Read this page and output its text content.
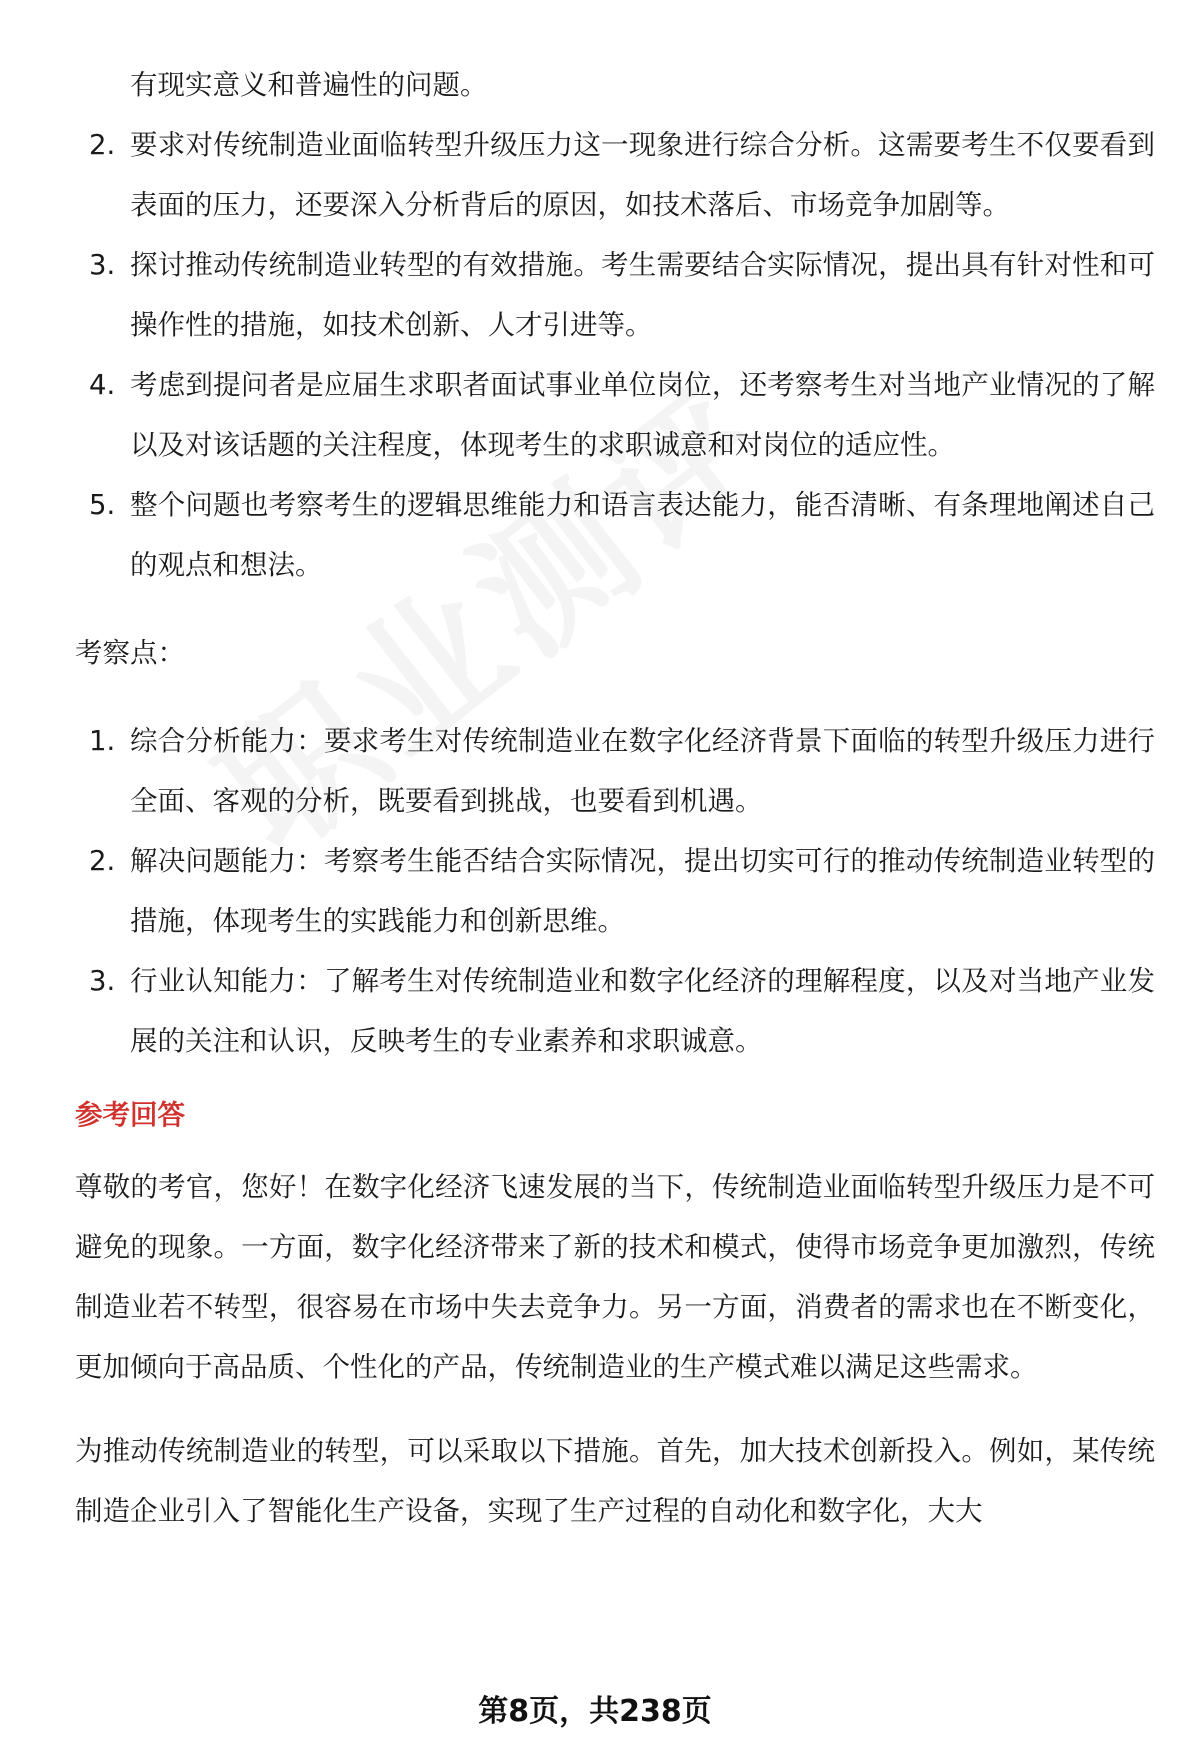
有现实意义和普遍性的问题。
2. 要求对传统制造业面临转型升级压力这一现象进行综合分析。这需要考生不仅要看到表面的压力，还要深入分析背后的原因，如技术落后、市场竞争加剧等。
3. 探讨推动传统制造业转型的有效措施。考生需要结合实际情况，提出具有针对性和可操作性的措施，如技术创新、人才引进等。
4. 考虑到提问者是应届生求职者面试事业单位岗位，还考察考生对当地产业情况的了解以及对该话题的关注程度，体现考生的求职诚意和对岗位的适应性。
5. 整个问题也考察考生的逻辑思维能力和语言表达能力，能否清晰、有条理地阐述自己的观点和想法。
考察点：
1. 综合分析能力：要求考生对传统制造业在数字化经济背景下面临的转型升级压力进行全面、客观的分析，既要看到挑战，也要看到机遇。
2. 解决问题能力：考察考生能否结合实际情况，提出切实可行的推动传统制造业转型的措施，体现考生的实践能力和创新思维。
3. 行业认知能力：了解考生对传统制造业和数字化经济的理解程度，以及对当地产业发展的关注和认识，反映考生的专业素养和求职诚意。
参考回答

尊敬的考官，您好！在数字化经济飞速发展的当下，传统制造业面临转型升级压力是不可避免的现象。一方面，数字化经济带来了新的技术和模式，使得市场竞争更加激烈，传统制造业若不转型，很容易在市场中失去竞争力。另一方面，消费者的需求也在不断变化，更加倾向于高品质、个性化的产品，传统制造业的生产模式难以满足这些需求。

为推动传统制造业的转型，可以采取以下措施。首先，加大技术创新投入。例如，某传统制造企业引入了智能化生产设备，实现了生产过程的自动化和数字化，大大

第8页，共238页
